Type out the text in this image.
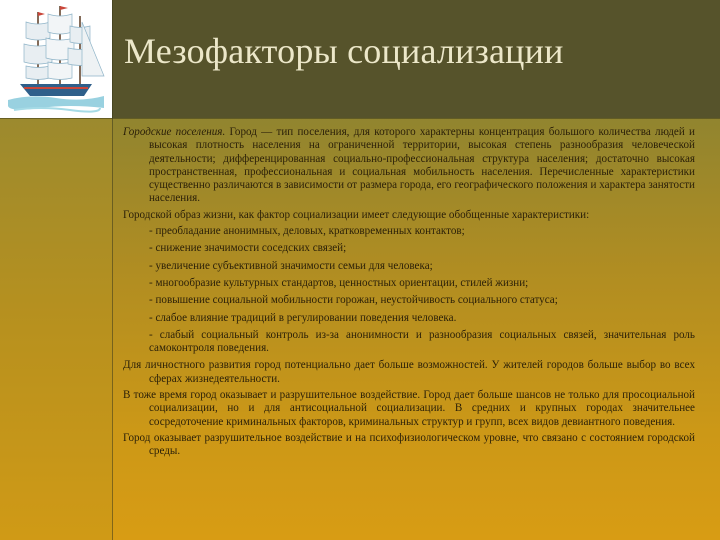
Мезофакторы социализации

Городские поселения. Город — тип поселения, для которого характерны концентрация большого количества людей и высокая плотность населения на ограниченной территории, высокая степень разнообразия человеческой деятельности; дифференцированная социально-профессиональная структура населения; достаточно высокая пространственная, профессиональная и социальная мобильность населения. Перечисленные характеристики существенно различаются в зависимости от размера города, его географического положения и характера занятости населения.

Городской образ жизни, как фактор социализации имеет следующие обобщенные характеристики:

- преобладание анонимных, деловых, кратковременных контактов;

- снижение значимости соседских связей;

- увеличение субъективной значимости семьи для человека;

- многообразие культурных стандартов, ценностных ориентации, стилей жизни;

- повышение социальной мобильности горожан, неустойчивость социального статуса;

- слабое влияние традиций в регулировании поведения человека.

- слабый социальный контроль из-за анонимности и разнообразия социальных связей, значительная роль самоконтроля поведения.

Для личностного развития город потенциально дает больше возможностей. У жителей городов больше выбор во всех сферах жизнедеятельности.

В тоже время город оказывает и разрушительное воздействие. Город дает больше шансов не только для просоциальной социализации, но и для антисоциальной социализации. В средних и крупных городах значительнее сосредоточение криминальных факторов, криминальных структур и групп, всех видов девиантного поведения.

Город оказывает разрушительное воздействие и на психофизиологическом уровне, что связано с состоянием городской среды.
